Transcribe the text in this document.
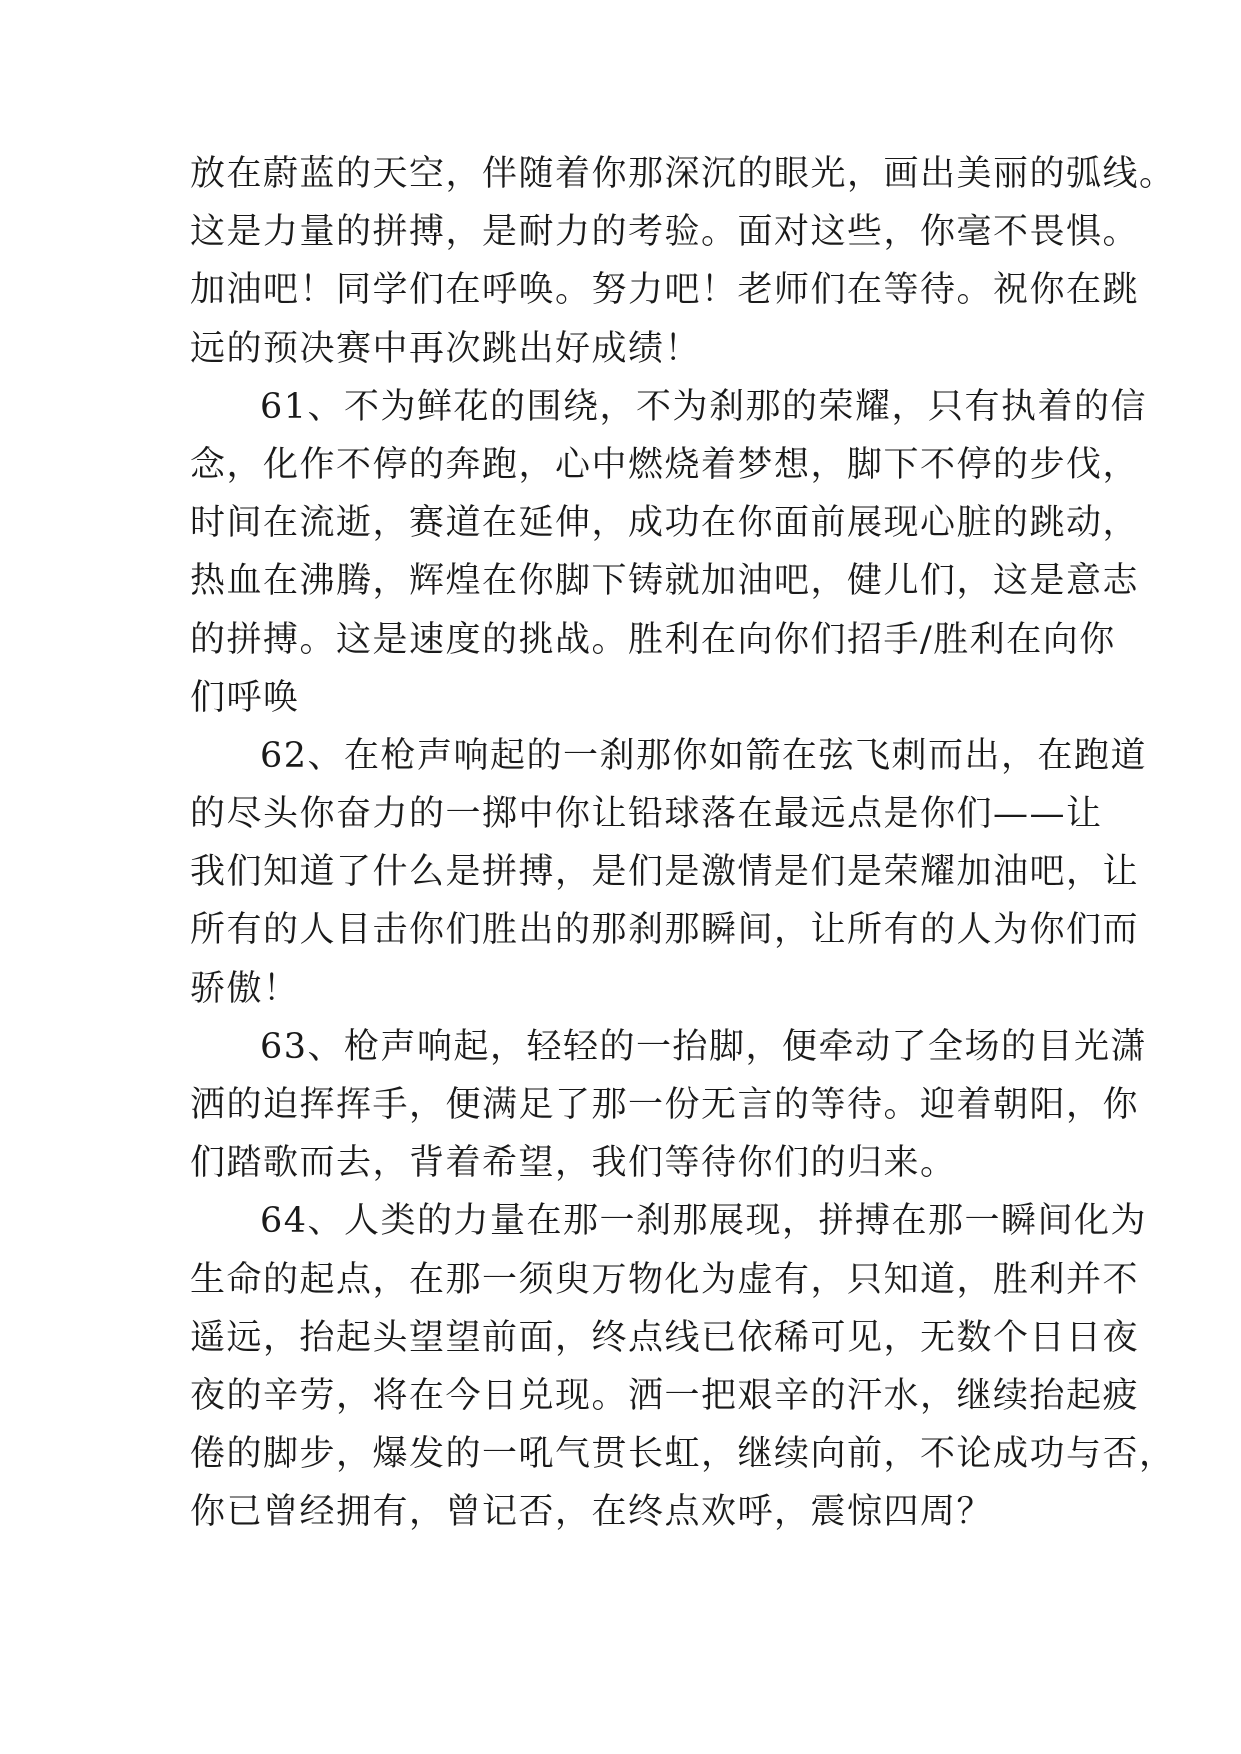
放在蔚蓝的天空，伴随着你那深沉的眼光，画出美丽的弧线。
这是力量的拼搏，是耐力的考验。面对这些，你毫不畏惧。
加油吧！同学们在呼唤。努力吧！老师们在等待。祝你在跳
远的预决赛中再次跳出好成绩！
61、不为鲜花的围绕，不为刹那的荣耀，只有执着的信
念，化作不停的奔跑，心中燃烧着梦想，脚下不停的步伐，
时间在流逝，赛道在延伸，成功在你面前展现心脏的跳动，
热血在沸腾，辉煌在你脚下铸就加油吧，健儿们，这是意志
的拼搏。这是速度的挑战。胜利在向你们招手/胜利在向你
们呼唤
62、在枪声响起的一刹那你如箭在弦飞刺而出，在跑道
的尽头你奋力的一掷中你让铅球落在最远点是你们——让
我们知道了什么是拼搏，是们是激情是们是荣耀加油吧，让
所有的人目击你们胜出的那刹那瞬间，让所有的人为你们而
骄傲！
63、枪声响起，轻轻的一抬脚，便牵动了全场的目光潇
洒的迫挥挥手，便满足了那一份无言的等待。迎着朝阳，你
们踏歌而去，背着希望，我们等待你们的归来。
64、人类的力量在那一刹那展现，拼搏在那一瞬间化为
生命的起点，在那一须臾万物化为虚有，只知道，胜利并不
遥远，抬起头望望前面，终点线已依稀可见，无数个日日夜
夜的辛劳，将在今日兑现。洒一把艰辛的汗水，继续抬起疲
倦的脚步，爆发的一吼气贯长虹，继续向前，不论成功与否，
你已曾经拥有，曾记否，在终点欢呼，震惊四周？
